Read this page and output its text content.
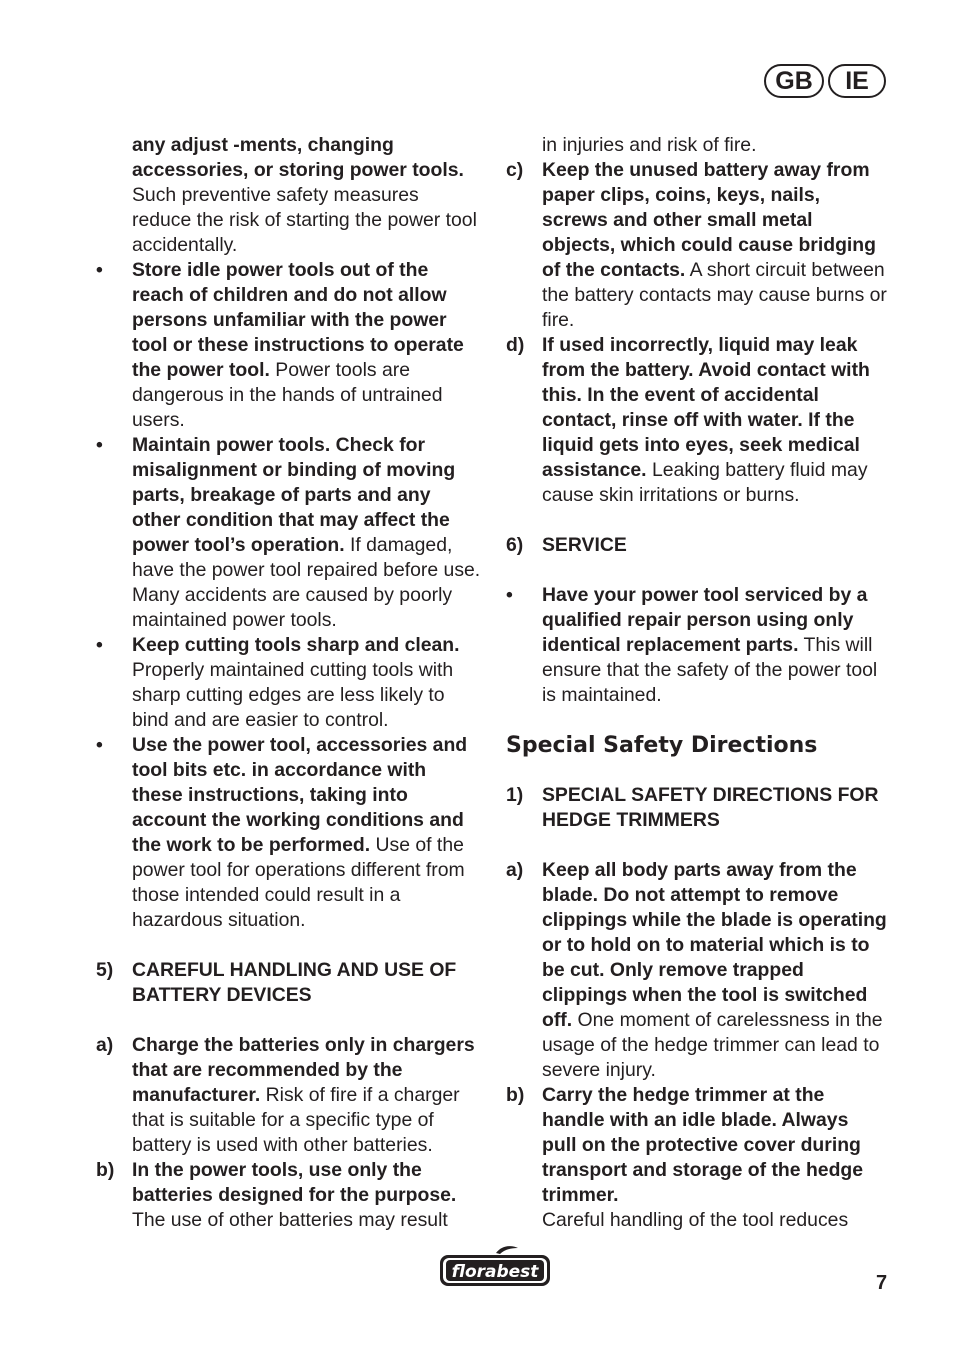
GB	IE
any adjust -ments, changing accessories, or storing power tools. Such preventive safety measures reduce the risk of starting the power tool accidentally.
• Store idle power tools out of the reach of children and do not allow persons unfamiliar with the power tool or these instructions to operate the power tool. Power tools are dangerous in the hands of untrained users.
• Maintain power tools. Check for misalignment or binding of moving parts, breakage of parts and any other condition that may affect the power tool’s operation. If damaged, have the power tool repaired before use. Many accidents are caused by poorly maintained power tools.
• Keep cutting tools sharp and clean. Properly maintained cutting tools with sharp cutting edges are less likely to bind and are easier to control.
• Use the power tool, accessories and tool bits etc. in accordance with these instructions, taking into account the working conditions and the work to be performed. Use of the power tool for operations different from those intended could result in a hazardous situation.
5) CAREFUL HANDLING AND USE OF BATTERY DEVICES
a) Charge the batteries only in chargers that are recommended by the manufacturer. Risk of fire if a charger that is suitable for a specific type of battery is used with other batteries.
b) In the power tools, use only the batteries designed for the purpose. The use of other batteries may result
in injuries and risk of fire.
c) Keep the unused battery away from paper clips, coins, keys, nails, screws and other small metal objects, which could cause bridging of the contacts. A short circuit between the battery contacts may cause burns or fire.
d) If used incorrectly, liquid may leak from the battery. Avoid contact with this. In the event of accidental contact, rinse off with water. If the liquid gets into eyes, seek medical assistance. Leaking battery fluid may cause skin irritations or burns.
6) SERVICE
• Have your power tool serviced by a qualified repair person using only identical replacement parts. This will ensure that the safety of the power tool is maintained.
Special Safety Directions
1) SPECIAL SAFETY DIRECTIONS FOR HEDGE TRIMMERS
a) Keep all body parts away from the blade. Do not attempt to remove clippings while the blade is operating or to hold on to material which is to be cut. Only remove trapped clippings when the tool is switched off. One moment of carelessness in the usage of the hedge trimmer can lead to severe injury.
b) Carry the hedge trimmer at the handle with an idle blade. Always pull on the protective cover during transport and storage of the hedge trimmer.
Careful handling of the tool reduces
florabest	7
